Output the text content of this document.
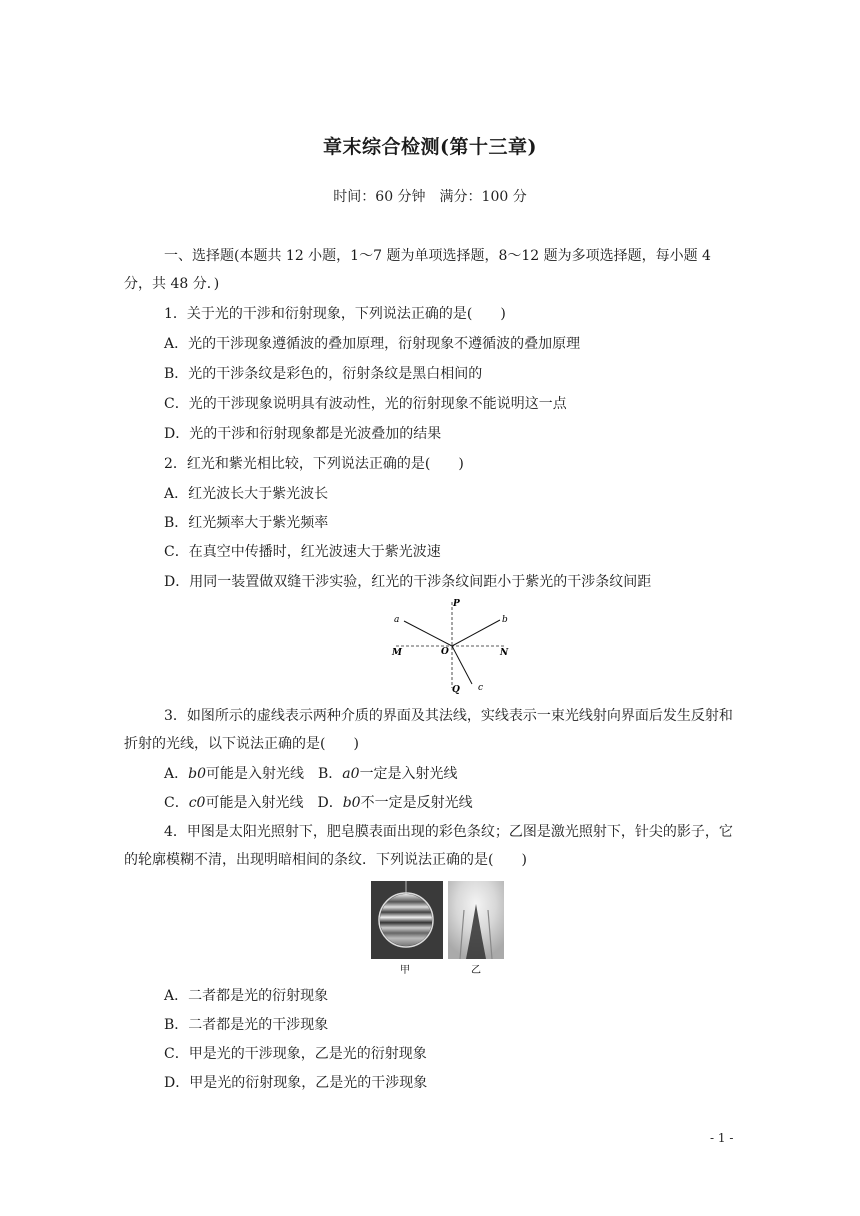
章末综合检测(第十三章)
时间：60 分钟　满分：100 分
一、选择题(本题共 12 小题，1～7 题为单项选择题，8～12 题为多项选择题，每小题 4 分，共 48 分．)
1．关于光的干涉和衍射现象，下列说法正确的是(　　)
A．光的干涉现象遵循波的叠加原理，衍射现象不遵循波的叠加原理
B．光的干涉条纹是彩色的，衍射条纹是黑白相间的
C．光的干涉现象说明具有波动性，光的衍射现象不能说明这一点
D．光的干涉和衍射现象都是光波叠加的结果
2．红光和紫光相比较，下列说法正确的是(　　)
A．红光波长大于紫光波长
B．红光频率大于紫光频率
C．在真空中传播时，红光波速大于紫光波速
D．用同一装置做双缝干涉实验，红光的干涉条纹间距小于紫光的干涉条纹间距
P
Q
M	N
O
a	b
c
3．如图所示的虚线表示两种介质的界面及其法线，实线表示一束光线射向界面后发生反射和折射的光线，以下说法正确的是(　　)
A．b0可能是入射光线　 B．a0一定是入射光线
C．c0可能是入射光线　 D．b0不一定是反射光线
4．甲图是太阳光照射下，肥皂膜表面出现的彩色条纹；乙图是激光照射下，针尖的影子，它的轮廓模糊不清，出现明暗相间的条纹．下列说法正确的是(　　)
甲	乙
A．二者都是光的衍射现象
B．二者都是光的干涉现象
C．甲是光的干涉现象，乙是光的衍射现象
D．甲是光的衍射现象，乙是光的干涉现象
- 1 -
